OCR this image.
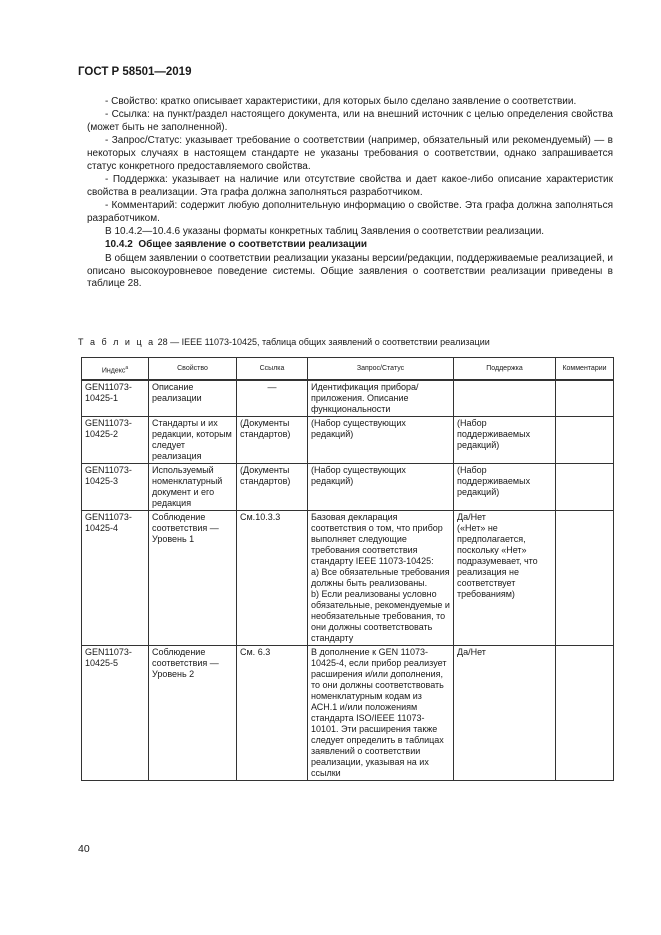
ГОСТ Р 58501—2019

- Свойство: кратко описывает характеристики, для которых было сделано заявление о соответствии.

- Ссылка: на пункт/раздел настоящего документа, или на внешний источник с целью определения свойства (может быть не заполненной).

- Запрос/Статус: указывает требование о соответствии (например, обязательный или рекомендуемый) — в некоторых случаях в настоящем стандарте не указаны требования о соответствии, однако запрашивается статус конкретного предоставляемого свойства.

- Поддержка: указывает на наличие или отсутствие свойства и дает какое-либо описание характеристик свойства в реализации. Эта графа должна заполняться разработчиком.

- Комментарий: содержит любую дополнительную информацию о свойстве. Эта графа должна заполняться разработчиком.

В 10.4.2—10.4.6 указаны форматы конкретных таблиц Заявления о соответствии реализации.

10.4.2 Общее заявление о соответствии реализации

В общем заявлении о соответствии реализации указаны версии/редакции, поддерживаемые реализацией, и описано высокоуровневое поведение системы. Общие заявления о соответствии реализации приведены в таблице 28.

Т а б л и ц а 28 — IEEE 11073-10425, таблица общих заявлений о соответствии реализации
Индекс$^a$	Свойство	Ссылка	Запрос/Статус	Поддержка	Комментарии
GEN11073-10425-1	Описание реализации	—	Идентификация прибора/приложения. Описание функциональности		
GEN11073-10425-2	Стандарты и их редакции, которым следует реализация	(Документы стандартов)	(Набор существующих редакций)	(Набор поддерживаемых редакций)	
GEN11073-10425-3	Используемый номенклатурный документ и его редакция	(Документы стандартов)	(Набор существующих редакций)	(Набор поддерживаемых редакций)	
GEN11073-10425-4	Соблюдение соответствия — Уровень 1	См.10.3.3	Базовая декларация соответствия о том, что прибор выполняет следующие требования соответствия стандарту IEEE 11073-10425:
а) Все обязательные требования должны быть реализованы.
b) Если реализованы условно обязательные, рекомендуемые и необязательные требования, то они должны соответствовать стандарту	Да/Нет
(«Нет» не предполагается, поскольку «Нет» подразумевает, что реализация не соответствует требованиям)	
GEN11073-10425-5	Соблюдение соответствия — Уровень 2	См. 6.3	В дополнение к GEN 11073-10425-4, если прибор реализует расширения и/или дополнения, то они должны соответствовать номенклатурным кодам из АСН.1 и/или положениям стандарта ISO/IEEE 11073-10101. Эти расширения также следует определить в таблицах заявлений о соответствии реализации, указывая на их ссылки	Да/Нет	
40
